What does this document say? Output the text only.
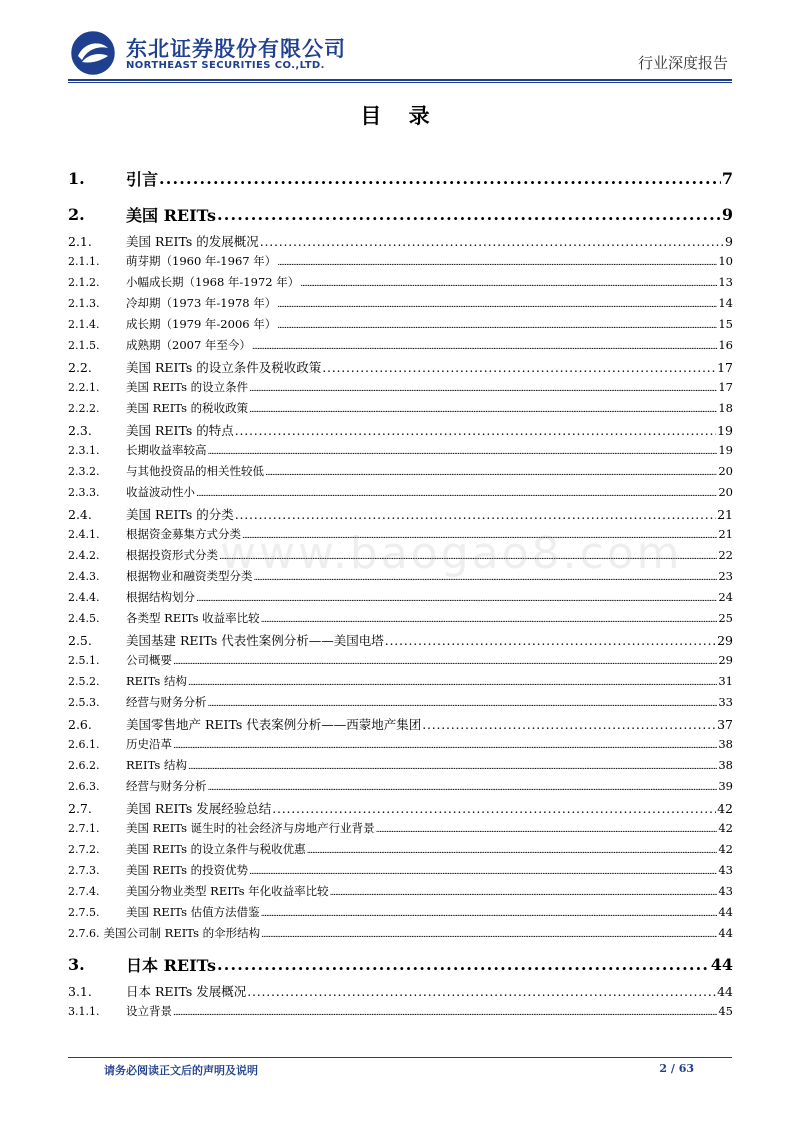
东北证券股份有限公司
NORTHEAST SECURITIES CO.,LTD.	行业深度报告
目 录
1.	引言 . . .	7
2.	美国 REITs . . .	9
2.1.	美国 REITs 的发展概况 . . .	9
2.1.1.	萌芽期（1960 年-1967 年） . . .	10
2.1.2.	小幅成长期（1968 年-1972 年） . . .	13
2.1.3.	冷却期（1973 年-1978 年） . . .	14
2.1.4.	成长期（1979 年-2006 年） . . .	15
2.1.5.	成熟期（2007 年至今） . . .	16
2.2.	美国 REITs 的设立条件及税收政策 . . .	17
2.2.1.	美国 REITs 的设立条件 . . .	17
2.2.2.	美国 REITs 的税收政策 . . .	18
2.3.	美国 REITs 的特点 . . .	19
2.3.1.	长期收益率较高 . . .	19
2.3.2.	与其他投资品的相关性较低 . . .	20
2.3.3.	收益波动性小 . . .	20
2.4.	美国 REITs 的分类 . . .	21
2.4.1.	根据资金募集方式分类 . . .	21
2.4.2.	根据投资形式分类 . . .	22
2.4.3.	根据物业和融资类型分类 . . .	23
2.4.4.	根据结构划分 . . .	24
2.4.5.	各类型 REITs 收益率比较 . . .	25
2.5.	美国基建 REITs 代表性案例分析——美国电塔 . . .	29
2.5.1.	公司概要 . . .	29
2.5.2.	REITs 结构 . . .	31
2.5.3.	经营与财务分析 . . .	33
2.6.	美国零售地产 REITs 代表案例分析——西蒙地产集团 . . .	37
2.6.1.	历史沿革 . . .	38
2.6.2.	REITs 结构 . . .	38
2.6.3.	经营与财务分析 . . .	39
2.7.	美国 REITs 发展经验总结 . . .	42
2.7.1.	美国 REITs 诞生时的社会经济与房地产行业背景 . . .	42
2.7.2.	美国 REITs 的设立条件与税收优惠 . . .	42
2.7.3.	美国 REITs 的投资优势 . . .	43
2.7.4.	美国分物业类型 REITs 年化收益率比较 . . .	43
2.7.5.	美国 REITs 估值方法借鉴 . . .	44
2.7.6. 美国公司制 REITs 的伞形结构 . . .	44
3.	日本 REITs . . .	44
3.1.	日本 REITs 发展概况 . . .	44
3.1.1.	设立背景 . . .	45
www.baogao8.com
请务必阅读正文后的声明及说明	2 / 63
